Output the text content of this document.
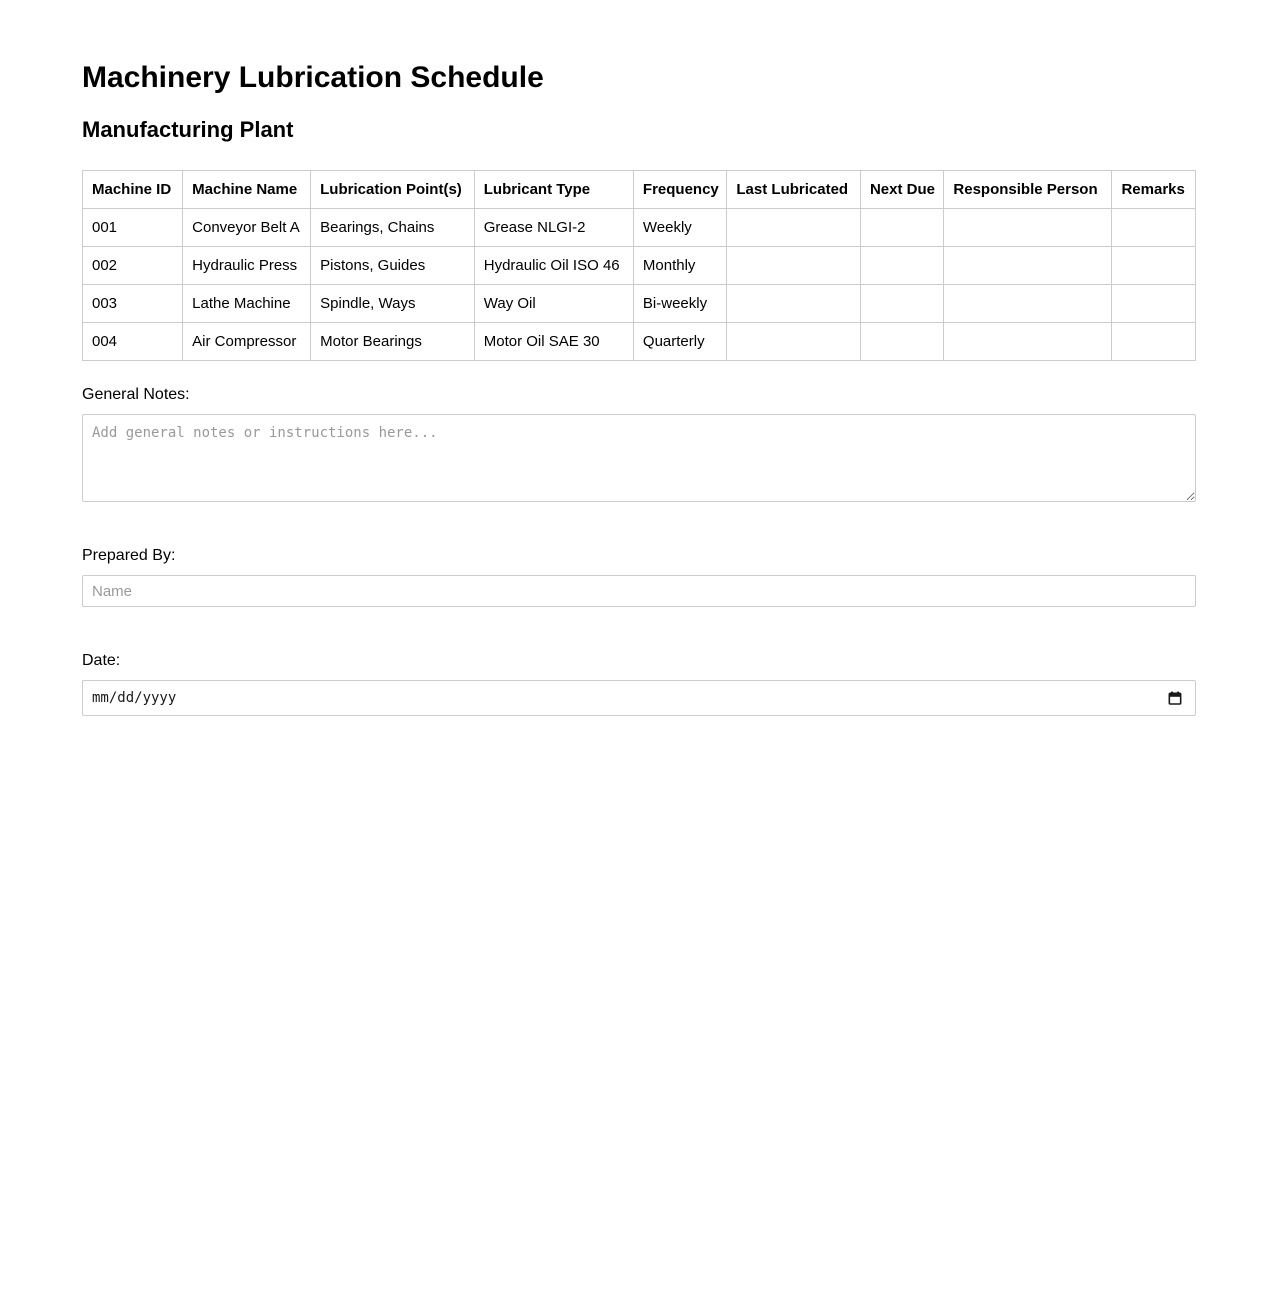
Machinery Lubrication Schedule
Manufacturing Plant
Machine ID	Machine Name	Lubrication Point(s)	Lubricant Type	Frequency	Last Lubricated	Next Due	Responsible Person	Remarks
001	Conveyor Belt A	Bearings, Chains	Grease NLGI-2	Weekly				
002	Hydraulic Press	Pistons, Guides	Hydraulic Oil ISO 46	Monthly				
003	Lathe Machine	Spindle, Ways	Way Oil	Bi-weekly				
004	Air Compressor	Motor Bearings	Motor Oil SAE 30	Quarterly				
General Notes:
Add general notes or instructions here...
Prepared By:
Name
Date:
mm/dd/yyyy
